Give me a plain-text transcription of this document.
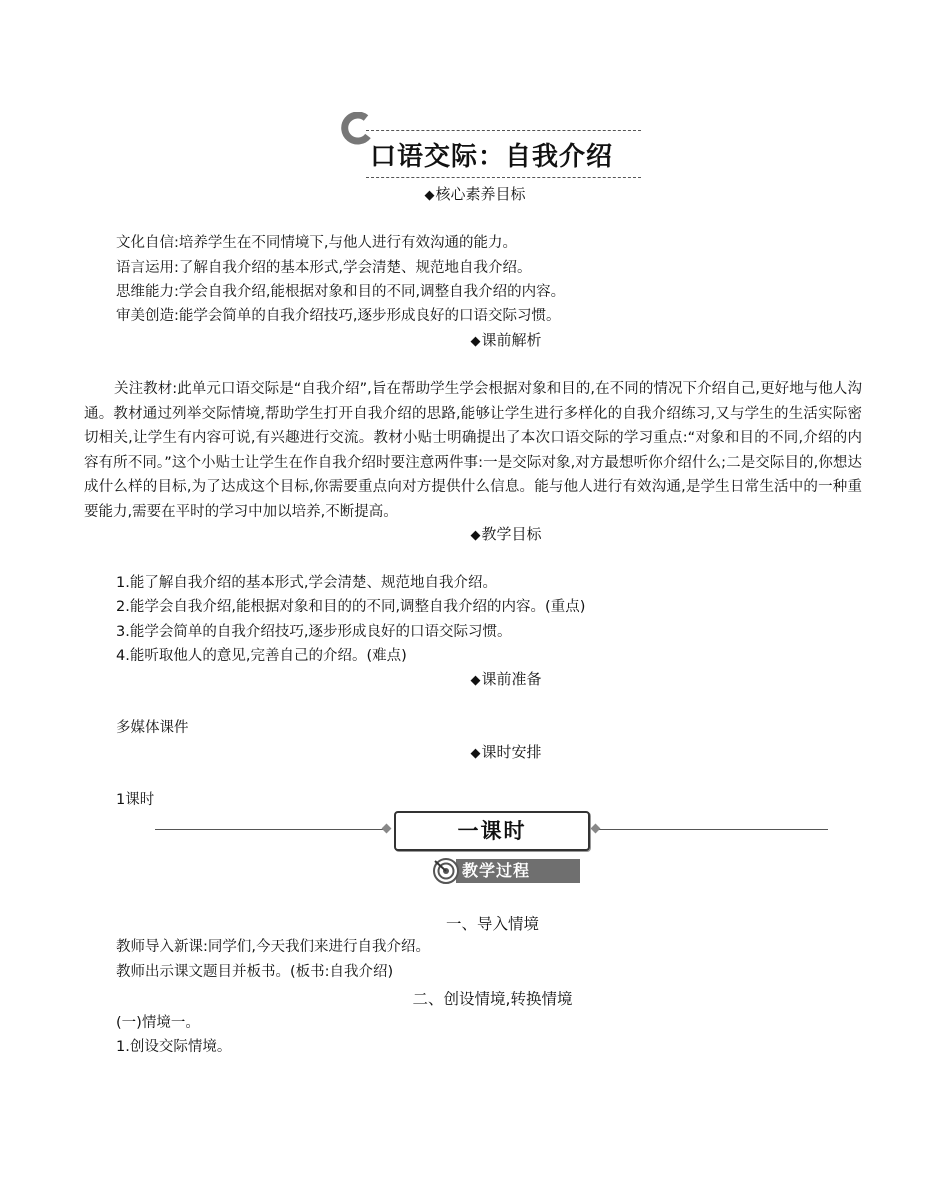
口语交际：自我介绍
◆核心素养目标
文化自信:培养学生在不同情境下,与他人进行有效沟通的能力。
语言运用:了解自我介绍的基本形式,学会清楚、规范地自我介绍。
思维能力:学会自我介绍,能根据对象和目的不同,调整自我介绍的内容。
审美创造:能学会简单的自我介绍技巧,逐步形成良好的口语交际习惯。
◆课前解析
关注教材:此单元口语交际是“自我介绍”,旨在帮助学生学会根据对象和目的,在不同的情况下介绍自己,更好地与他人沟通。教材通过列举交际情境,帮助学生打开自我介绍的思路,能够让学生进行多样化的自我介绍练习,又与学生的生活实际密切相关,让学生有内容可说,有兴趣进行交流。教材小贴士明确提出了本次口语交际的学习重点:“对象和目的不同,介绍的内容有所不同。”这个小贴士让学生在作自我介绍时要注意两件事:一是交际对象,对方最想听你介绍什么;二是交际目的,你想达成什么样的目标,为了达成这个目标,你需要重点向对方提供什么信息。能与他人进行有效沟通,是学生日常生活中的一种重要能力,需要在平时的学习中加以培养,不断提高。
◆教学目标
1.能了解自我介绍的基本形式,学会清楚、规范地自我介绍。
2.能学会自我介绍,能根据对象和目的的不同,调整自我介绍的内容。(重点)
3.能学会简单的自我介绍技巧,逐步形成良好的口语交际习惯。
4.能听取他人的意见,完善自己的介绍。(难点)
◆课前准备
多媒体课件
◆课时安排
1课时
一课时
教学过程
一、导入情境
教师导入新课:同学们,今天我们来进行自我介绍。
教师出示课文题目并板书。(板书:自我介绍)
二、创设情境,转换情境
(一)情境一。
1.创设交际情境。
